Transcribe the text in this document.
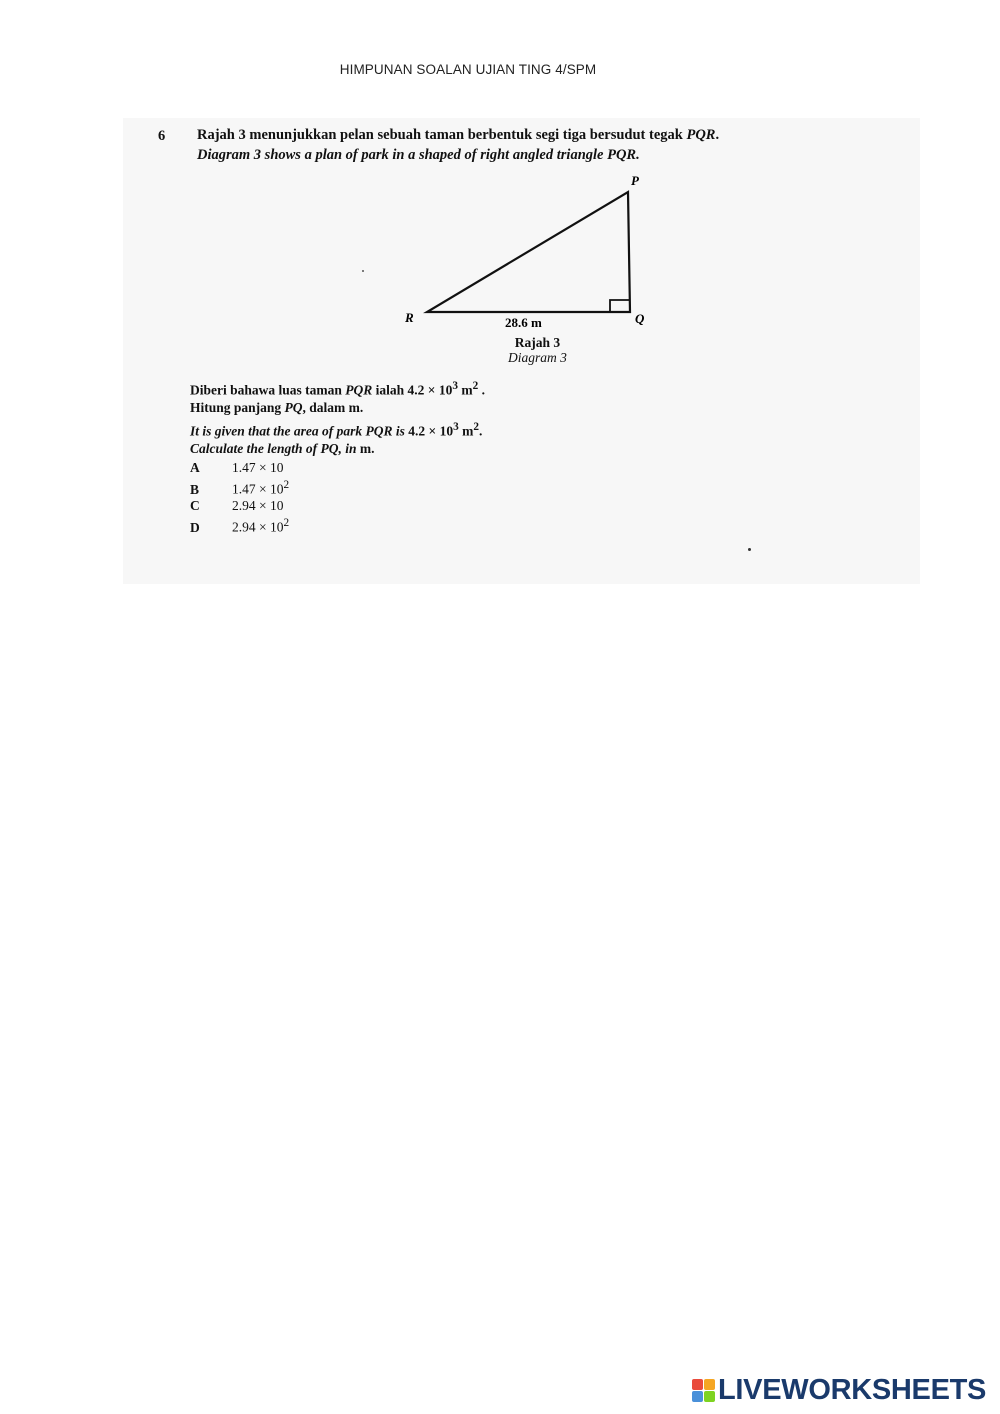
HIMPUNAN SOALAN UJIAN TING 4/SPM
6 Rajah 3 menunjukkan pelan sebuah taman berbentuk segi tiga bersudut tegak PQR.
Diagram 3 shows a plan of park in a shaped of right angled triangle PQR.
P
Q
R	28.6 m
Rajah 3
Diagram 3
Diberi bahawa luas taman PQR ialah $4.2 \times 10^3$ $m^2$ .
Hitung panjang PQ, dalam m.
It is given that the area of park PQR is $4.2 \times 10^3$ $m^2$.
Calculate the length of PQ, in m.
A 1.47 × 10
B $1.47 \times 10^2$
C 2.94 × 10
D $2.94 \times 10^2$
LIVEWORKSHEETS
